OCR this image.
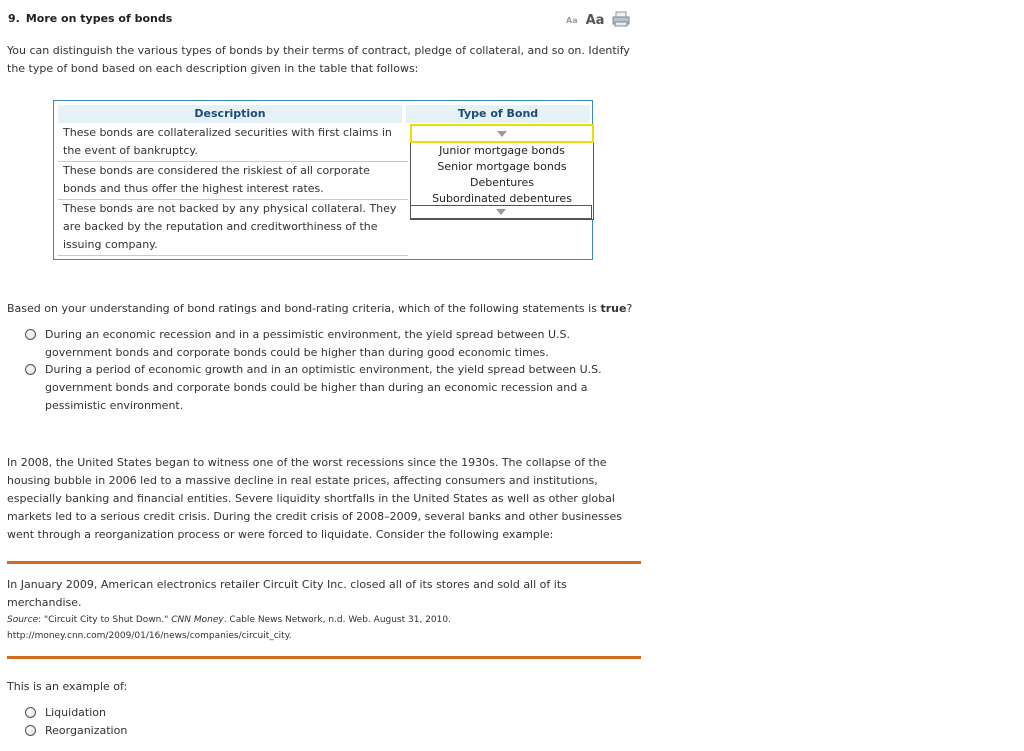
9. More on types of bonds	Aa Aa
You can distinguish the various types of bonds by their terms of contract, pledge of collateral, and so on. Identify the type of bond based on each description given in the table that follows:
Description	Type of Bond
These bonds are collateralized securities with first claims in the event of bankruptcy.
These bonds are considered the riskiest of all corporate bonds and thus offer the highest interest rates.
These bonds are not backed by any physical collateral. They are backed by the reputation and creditworthiness of the issuing company.
Junior mortgage bonds
Senior mortgage bonds
Debentures
Subordinated debentures
Based on your understanding of bond ratings and bond-rating criteria, which of the following statements is true?
During an economic recession and in a pessimistic environment, the yield spread between U.S. government bonds and corporate bonds could be higher than during good economic times.
During a period of economic growth and in an optimistic environment, the yield spread between U.S. government bonds and corporate bonds could be higher than during an economic recession and a pessimistic environment.
In 2008, the United States began to witness one of the worst recessions since the 1930s. The collapse of the housing bubble in 2006 led to a massive decline in real estate prices, affecting consumers and institutions, especially banking and financial entities. Severe liquidity shortfalls in the United States as well as other global markets led to a serious credit crisis. During the credit crisis of 2008–2009, several banks and other businesses went through a reorganization process or were forced to liquidate. Consider the following example:
In January 2009, American electronics retailer Circuit City Inc. closed all of its stores and sold all of its merchandise.
Source: "Circuit City to Shut Down." CNN Money. Cable News Network, n.d. Web. August 31, 2010.
http://money.cnn.com/2009/01/16/news/companies/circuit_city.
This is an example of:
Liquidation
Reorganization
